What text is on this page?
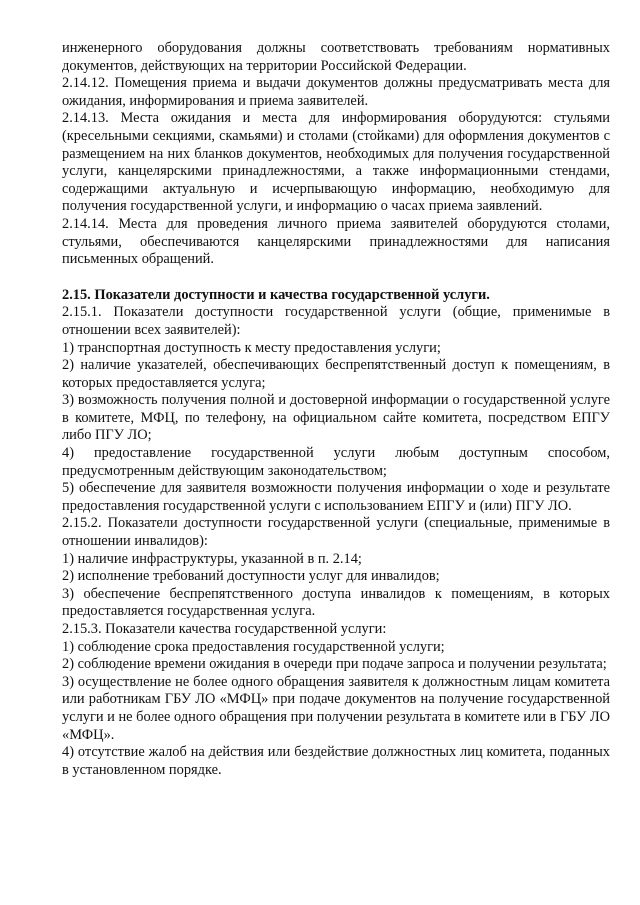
инженерного оборудования должны соответствовать требованиям нормативных документов, действующих на территории Российской Федерации.

2.14.12. Помещения приема и выдачи документов должны предусматривать места для ожидания, информирования и приема заявителей.

2.14.13. Места ожидания и места для информирования оборудуются: стульями (кресельными секциями, скамьями) и столами (стойками) для оформления документов с размещением на них бланков документов, необходимых для получения государственной услуги, канцелярскими принадлежностями, а также информационными стендами, содержащими актуальную и исчерпывающую информацию, необходимую для получения государственной услуги, и информацию о часах приема заявлений.

2.14.14. Места для проведения личного приема заявителей оборудуются столами, стульями, обеспечиваются канцелярскими принадлежностями для написания письменных обращений.

2.15. Показатели доступности и качества государственной услуги.

2.15.1. Показатели доступности государственной услуги (общие, применимые в отношении всех заявителей):

1) транспортная доступность к месту предоставления услуги;

2) наличие указателей, обеспечивающих беспрепятственный доступ к помещениям, в которых предоставляется услуга;

3) возможность получения полной и достоверной информации о государственной услуге в комитете, МФЦ, по телефону, на официальном сайте комитета, посредством ЕПГУ либо ПГУ ЛО;

4) предоставление государственной услуги любым доступным способом, предусмотренным действующим законодательством;

5) обеспечение для заявителя возможности получения информации о ходе и результате предоставления государственной услуги с использованием ЕПГУ и (или) ПГУ ЛО.

2.15.2. Показатели доступности государственной услуги (специальные, применимые в отношении инвалидов):

1) наличие инфраструктуры, указанной в п. 2.14;

2) исполнение требований доступности услуг для инвалидов;

3) обеспечение беспрепятственного доступа инвалидов к помещениям, в которых предоставляется государственная услуга.

2.15.3. Показатели качества государственной услуги:

1) соблюдение срока предоставления государственной услуги;

2) соблюдение времени ожидания в очереди при подаче запроса и получении результата;

3) осуществление не более одного обращения заявителя к должностным лицам комитета или работникам ГБУ ЛО «МФЦ» при подаче документов на получение государственной услуги и не более одного обращения при получении результата в комитете или в ГБУ ЛО «МФЦ».

4) отсутствие жалоб на действия или бездействие должностных лиц комитета, поданных в установленном порядке.
